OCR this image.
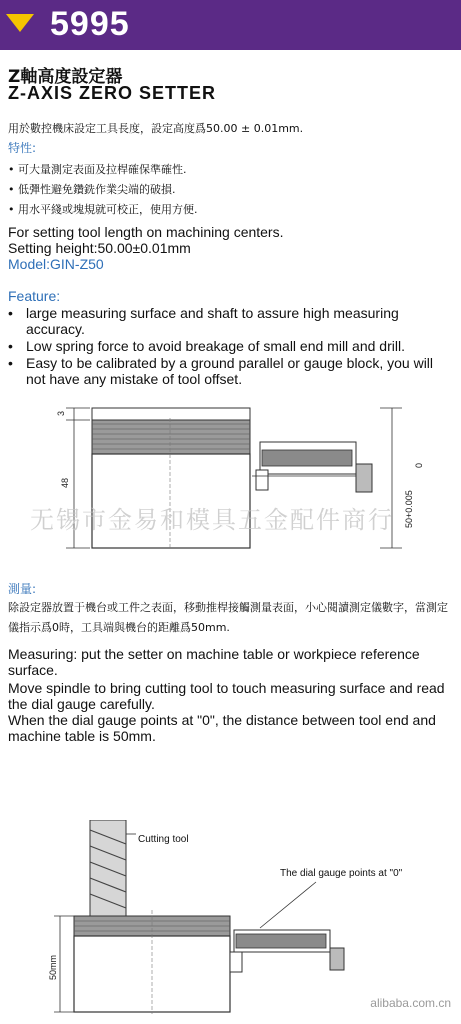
5995
Z軸高度設定器
Z-AXIS ZERO SETTER
用於數控機床設定工具長度，設定高度爲50.00 ± 0.01mm.
特性:
• 可大量測定表面及拉桿確保準確性.
• 低彈性避免鑽銑作業尖端的破損.
• 用水平綫或塊規就可校正，使用方便.
For setting tool length on machining centers.
Setting height:50.00±0.01mm
Model:GIN-Z50
Feature:
• large measuring surface and shaft to assure high measuring accuracy.
• Low spring force to avoid breakage of small end mill and drill.
• Easy to be calibrated by a ground parallel or gauge block, you will not have any mistake of tool offset.
3
48
50+0.005
0
无锡市金易和模具五金配件商行
測量:
除設定器放置于機台或工件之表面，移動推桿接觸測量表面，小心閱讀測定儀數字，當測定儀指示爲0時，工具端與機台的距離爲50mm.
Measuring: put the setter on machine table or workpiece reference surface.
Move spindle to bring cutting tool to touch measuring surface and read the dial gauge carefully.
When the dial gauge points at "0", the distance between tool end and machine table is 50mm.
50mm
Cutting tool
The dial gauge points at "0"
alibaba.com.cn
